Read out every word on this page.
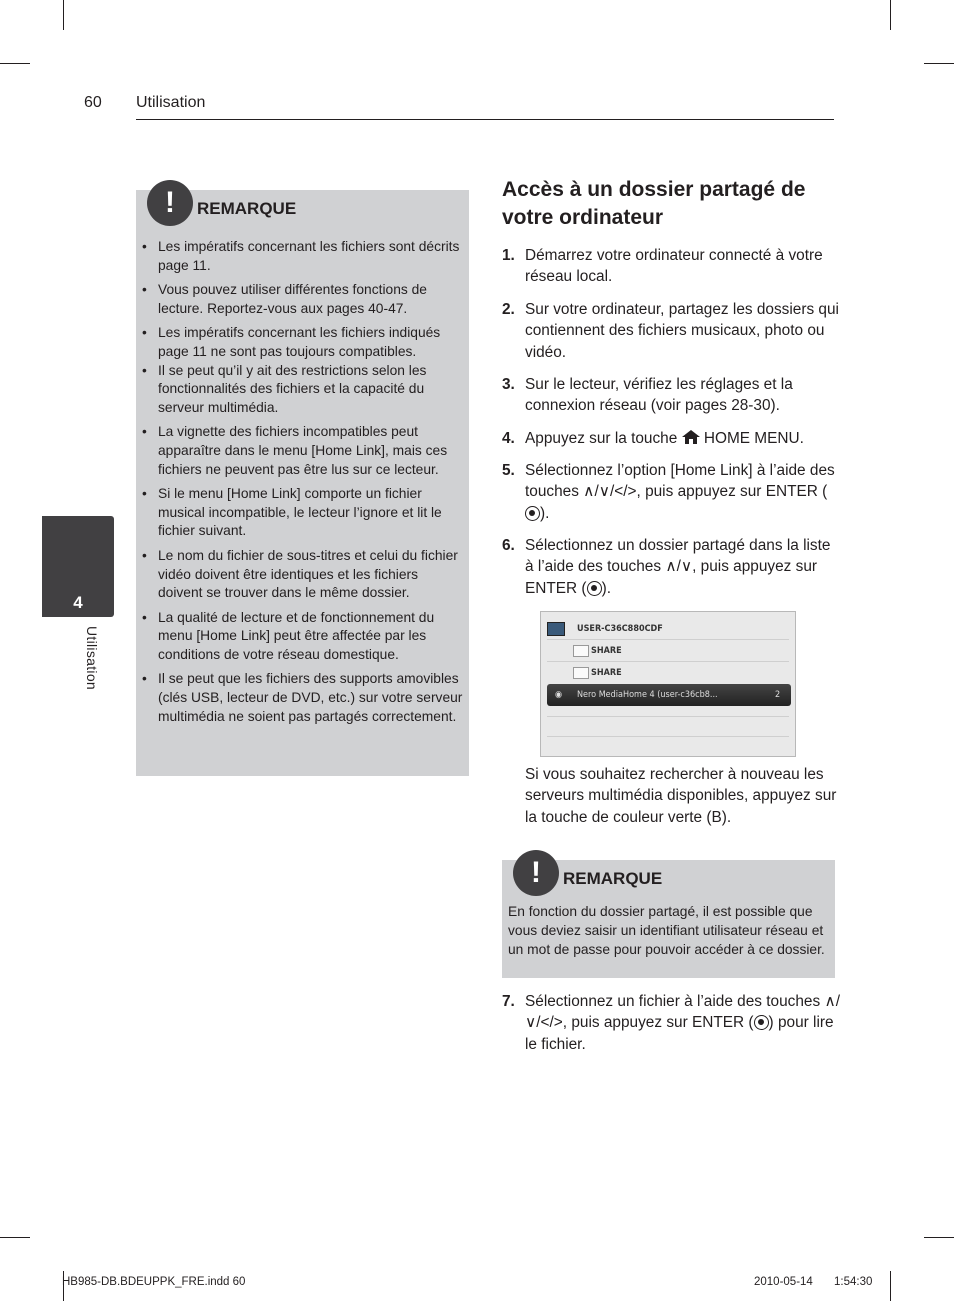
60 Utilisation
4
Utilisation
!	REMARQUE
• Les impératifs concernant les fichiers sont décrits page 11.
• Vous pouvez utiliser différentes fonctions de lecture. Reportez-vous aux pages 40-47.
• Les impératifs concernant les fichiers indiqués page 11 ne sont pas toujours compatibles.
• Il se peut qu’il y ait des restrictions selon les fonctionnalités des fichiers et la capacité du serveur multimédia.
• La vignette des fichiers incompatibles peut apparaître dans le menu [Home Link], mais ces fichiers ne peuvent pas être lus sur ce lecteur.
• Si le menu [Home Link] comporte un fichier musical incompatible, le lecteur l’ignore et lit le fichier suivant.
• Le nom du fichier de sous-titres et celui du fichier vidéo doivent être identiques et les fichiers doivent se trouver dans le même dossier.
• La qualité de lecture et de fonctionnement du menu [Home Link] peut être affectée par les conditions de votre réseau domestique.
• Il se peut que les fichiers des supports amovibles (clés USB, lecteur de DVD, etc.) sur votre serveur multimédia ne soient pas partagés correctement.
Accès à un dossier partagé de votre ordinateur
1. Démarrez votre ordinateur connecté à votre réseau local.
2. Sur votre ordinateur, partagez les dossiers qui contiennent des fichiers musicaux, photo ou vidéo.
3. Sur le lecteur, vérifiez les réglages et la connexion réseau (voir pages 28-30).
4. Appuyez sur la touche  HOME MENU.
5. Sélectionnez l’option [Home Link] à l’aide des touches ∧/∨/</>, puis appuyez sur ENTER ().
6. Sélectionnez un dossier partagé dans la liste à l’aide des touches ∧/∨, puis appuyez sur ENTER ( ).
USER-C36C880CDF
SHARE
SHARE
◉ Nero MediaHome 4 (user-c36cb8...	2
Si vous souhaitez rechercher à nouveau les serveurs multimédia disponibles, appuyez sur la touche de couleur verte (B).
!	REMARQUE
En fonction du dossier partagé, il est possible que vous deviez saisir un identifiant utilisateur réseau et un mot de passe pour pouvoir accéder à ce dossier.
7. Sélectionnez un fichier à l’aide des touches ∧/∨/</>, puis appuyez sur ENTER ( ) pour lire le fichier.
HB985-DB.BDEUPPK_FRE.indd 60	2010-05-14 1:54:30
